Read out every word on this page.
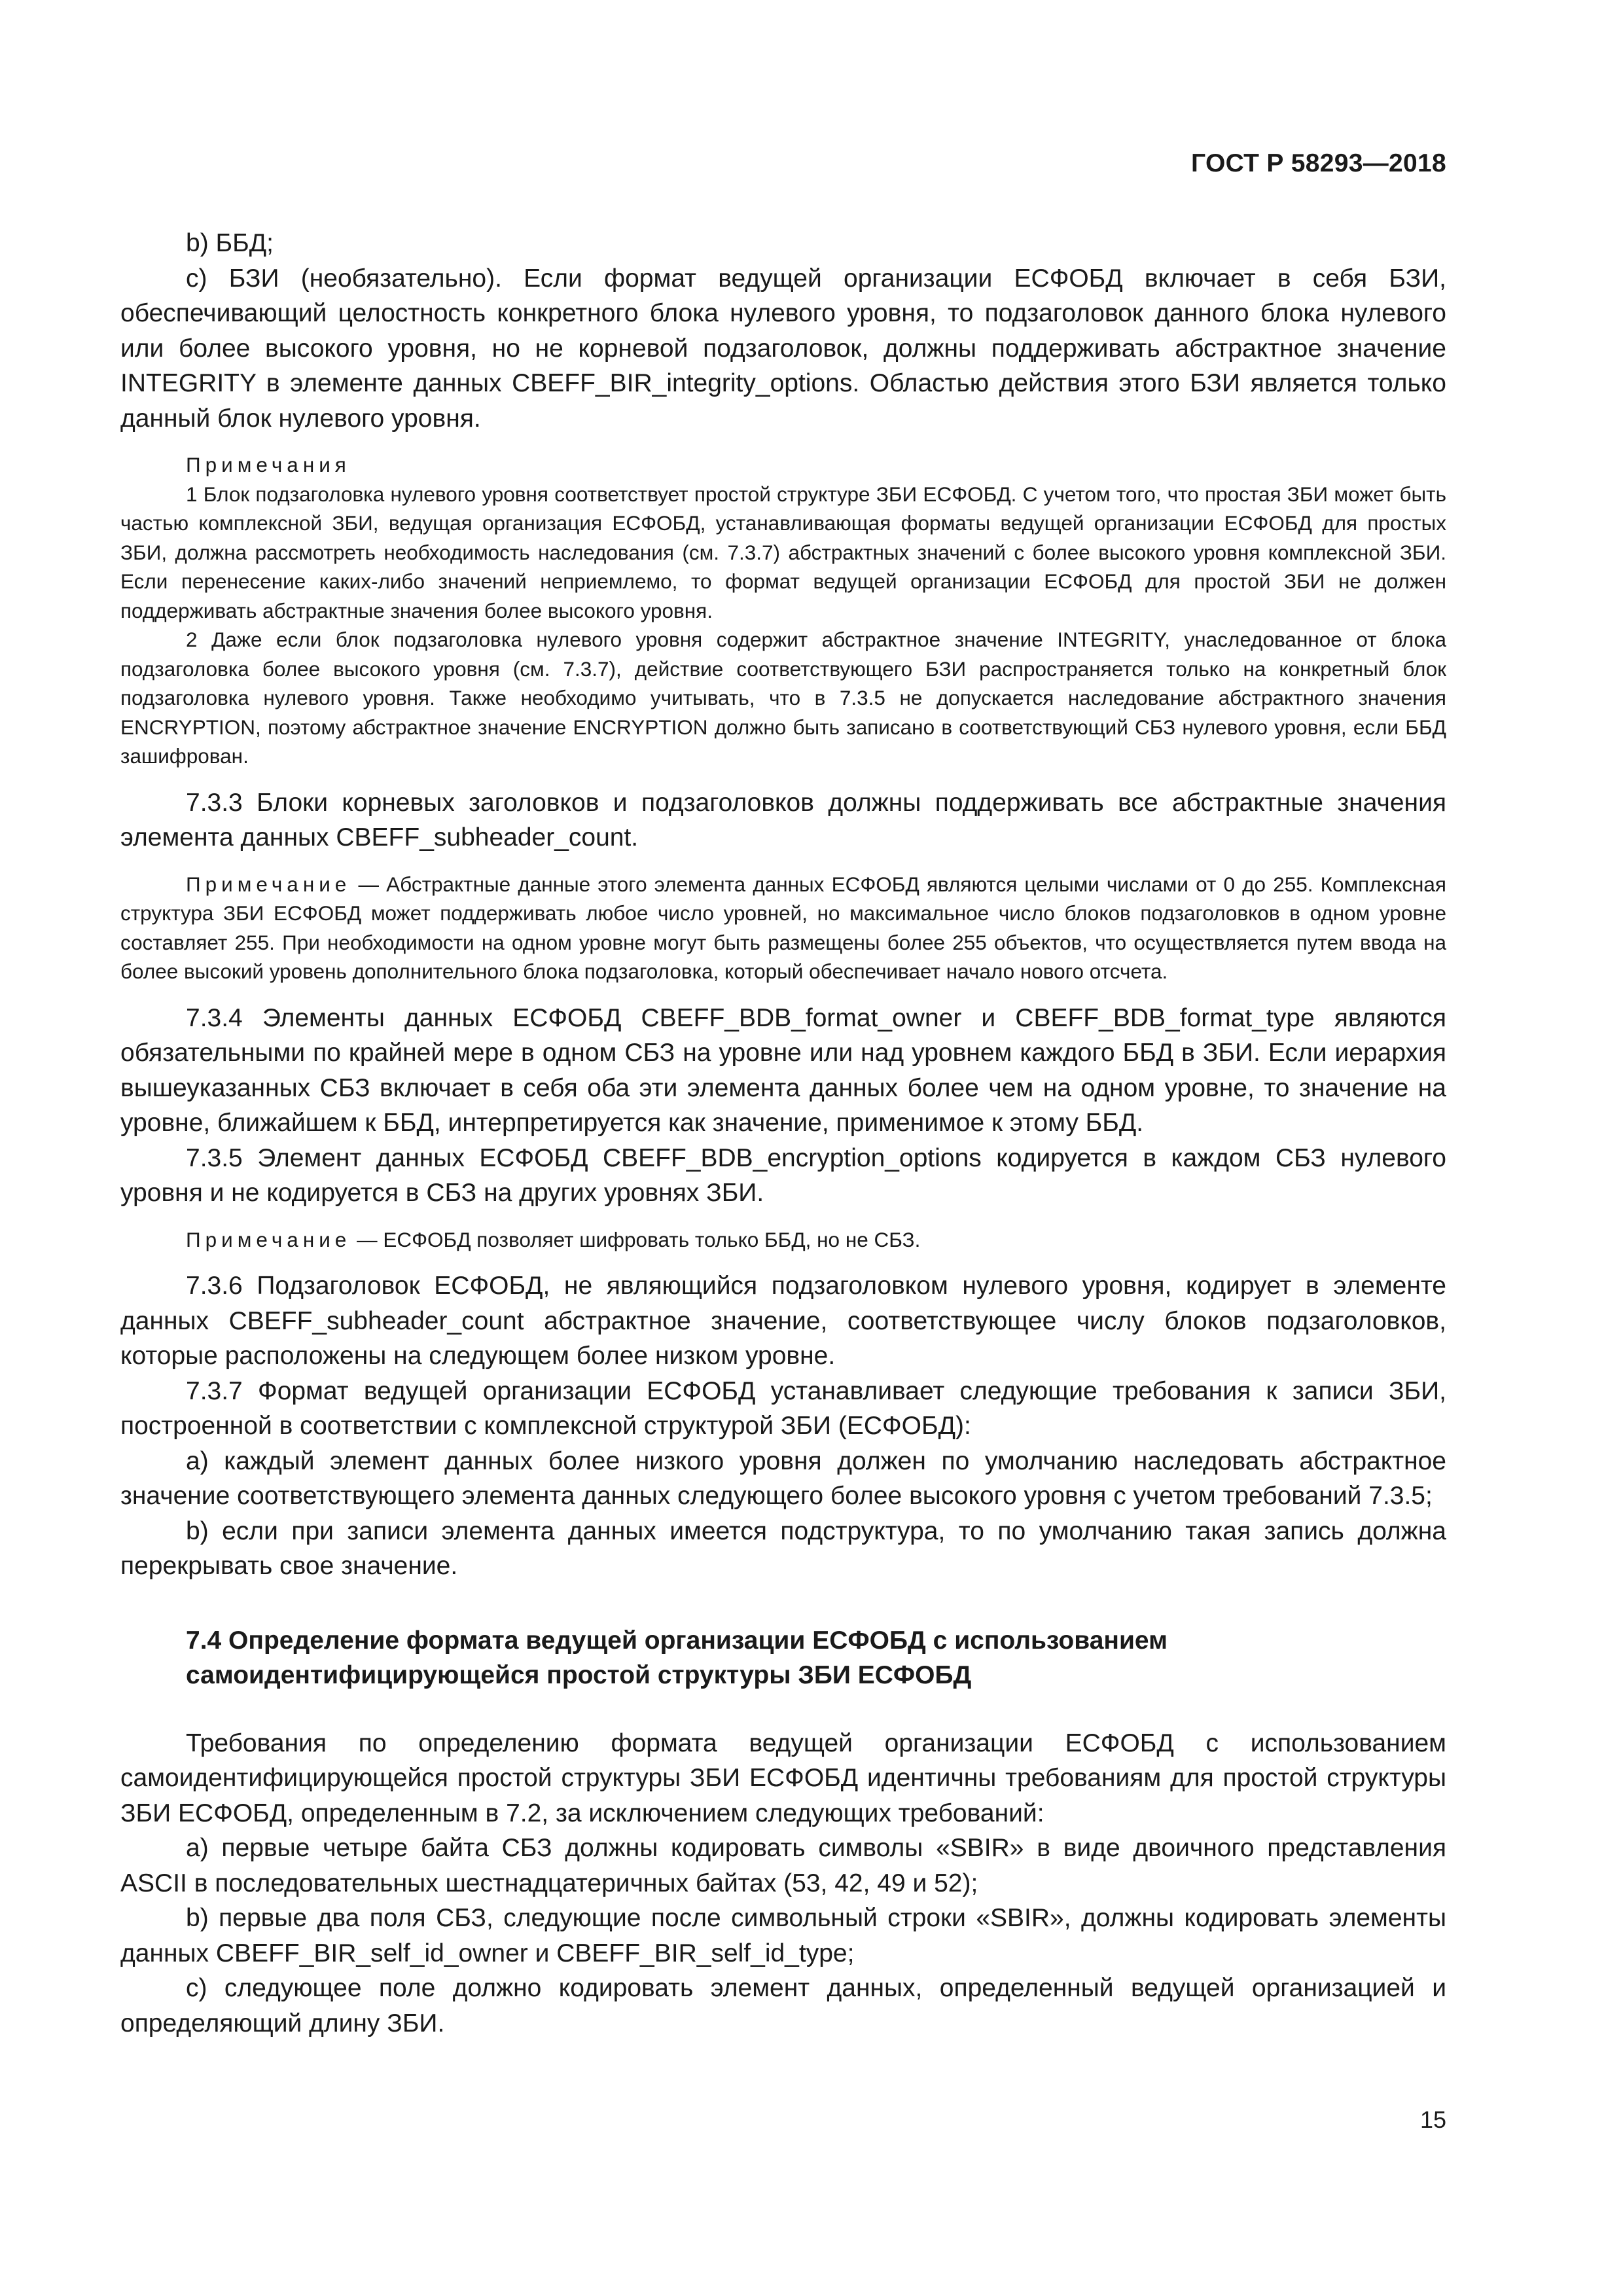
ГОСТ Р 58293—2018

b) ББД;

c) БЗИ (необязательно). Если формат ведущей организации ЕСФОБД включает в себя БЗИ, обеспечивающий целостность конкретного блока нулевого уровня, то подзаголовок данного блока нулевого или более высокого уровня, но не корневой подзаголовок, должны поддерживать абстрактное значение INTEGRITY в элементе данных CBEFF_BIR_integrity_options. Областью действия этого БЗИ является только данный блок нулевого уровня.

Примечания

1 Блок подзаголовка нулевого уровня соответствует простой структуре ЗБИ ЕСФОБД. С учетом того, что простая ЗБИ может быть частью комплексной ЗБИ, ведущая организация ЕСФОБД, устанавливающая форматы ведущей организации ЕСФОБД для простых ЗБИ, должна рассмотреть необходимость наследования (см. 7.3.7) абстрактных значений с более высокого уровня комплексной ЗБИ. Если перенесение каких-либо значений неприемлемо, то формат ведущей организации ЕСФОБД для простой ЗБИ не должен поддерживать абстрактные значения более высокого уровня.

2 Даже если блок подзаголовка нулевого уровня содержит абстрактное значение INTEGRITY, унаследованное от блока подзаголовка более высокого уровня (см. 7.3.7), действие соответствующего БЗИ распространяется только на конкретный блок подзаголовка нулевого уровня. Также необходимо учитывать, что в 7.3.5 не допускается наследование абстрактного значения ENCRYPTION, поэтому абстрактное значение ENCRYPTION должно быть записано в соответствующий СБЗ нулевого уровня, если ББД зашифрован.

7.3.3 Блоки корневых заголовков и подзаголовков должны поддерживать все абстрактные значения элемента данных CBEFF_subheader_count.

Примечание — Абстрактные данные этого элемента данных ЕСФОБД являются целыми числами от 0 до 255. Комплексная структура ЗБИ ЕСФОБД может поддерживать любое число уровней, но максимальное число блоков подзаголовков в одном уровне составляет 255. При необходимости на одном уровне могут быть размещены более 255 объектов, что осуществляется путем ввода на более высокий уровень дополнительного блока подзаголовка, который обеспечивает начало нового отсчета.

7.3.4 Элементы данных ЕСФОБД CBEFF_BDB_format_owner и CBEFF_BDB_format_type являются обязательными по крайней мере в одном СБЗ на уровне или над уровнем каждого ББД в ЗБИ. Если иерархия вышеуказанных СБЗ включает в себя оба эти элемента данных более чем на одном уровне, то значение на уровне, ближайшем к ББД, интерпретируется как значение, применимое к этому ББД.

7.3.5 Элемент данных ЕСФОБД CBEFF_BDB_encryption_options кодируется в каждом СБЗ нулевого уровня и не кодируется в СБЗ на других уровнях ЗБИ.

Примечание — ЕСФОБД позволяет шифровать только ББД, но не СБЗ.

7.3.6 Подзаголовок ЕСФОБД, не являющийся подзаголовком нулевого уровня, кодирует в элементе данных CBEFF_subheader_count абстрактное значение, соответствующее числу блоков подзаголовков, которые расположены на следующем более низком уровне.

7.3.7 Формат ведущей организации ЕСФОБД устанавливает следующие требования к записи ЗБИ, построенной в соответствии с комплексной структурой ЗБИ (ЕСФОБД):

a) каждый элемент данных более низкого уровня должен по умолчанию наследовать абстрактное значение соответствующего элемента данных следующего более высокого уровня с учетом требований 7.3.5;

b) если при записи элемента данных имеется подструктура, то по умолчанию такая запись должна перекрывать свое значение.

7.4 Определение формата ведущей организации ЕСФОБД с использованием самоидентифицирующейся простой структуры ЗБИ ЕСФОБД

Требования по определению формата ведущей организации ЕСФОБД с использованием самоидентифицирующейся простой структуры ЗБИ ЕСФОБД идентичны требованиям для простой структуры ЗБИ ЕСФОБД, определенным в 7.2, за исключением следующих требований:

a) первые четыре байта СБЗ должны кодировать символы «SBIR» в виде двоичного представления ASCII в последовательных шестнадцатеричных байтах (53, 42, 49 и 52);

b) первые два поля СБЗ, следующие после символьный строки «SBIR», должны кодировать элементы данных CBEFF_BIR_self_id_owner и CBEFF_BIR_self_id_type;

c) следующее поле должно кодировать элемент данных, определенный ведущей организацией и определяющий длину ЗБИ.

15
